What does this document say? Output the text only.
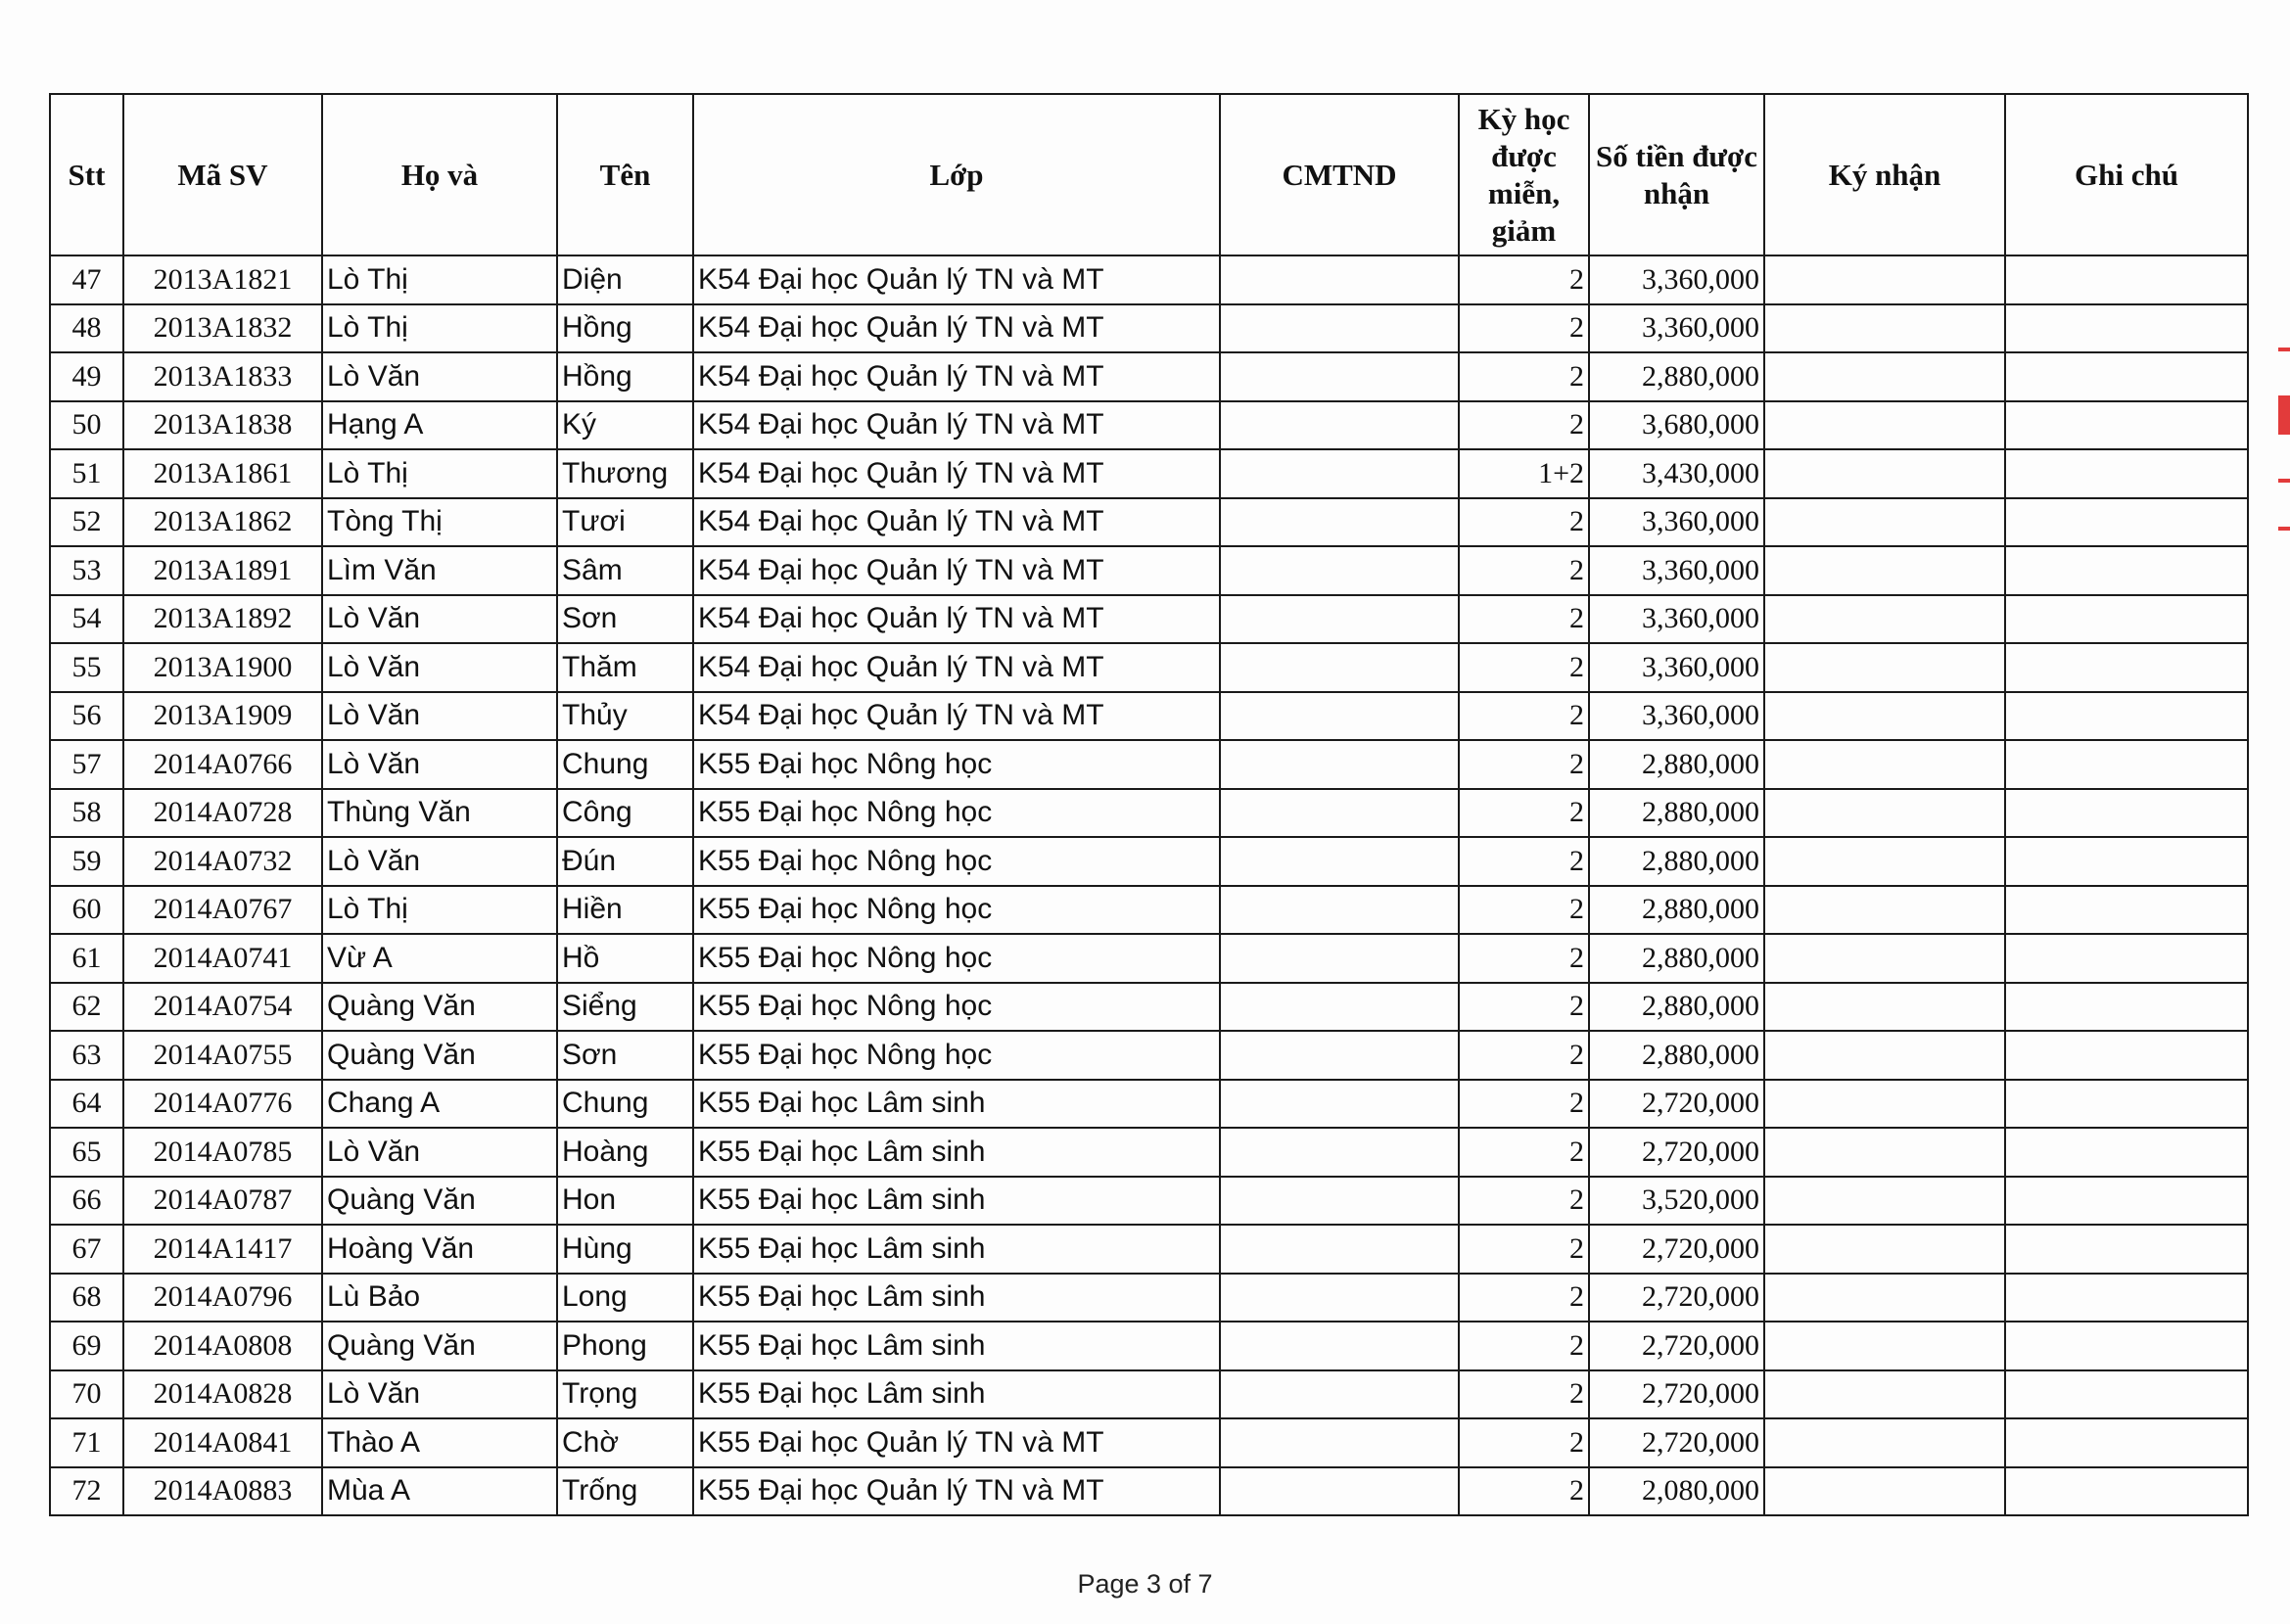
Stt	Mã SV	Họ và	Tên	Lớp	CMTND	Kỳ học được miễn, giảm	Số tiền được nhận	Ký nhận	Ghi chú
47	2013A1821	Lò Thị	Diện	K54 Đại học Quản lý TN và MT		2	3,360,000		
48	2013A1832	Lò Thị	Hồng	K54 Đại học Quản lý TN và MT		2	3,360,000		
49	2013A1833	Lò Văn	Hồng	K54 Đại học Quản lý TN và MT		2	2,880,000		
50	2013A1838	Hạng A	Ký	K54 Đại học Quản lý TN và MT		2	3,680,000		
51	2013A1861	Lò Thị	Thương	K54 Đại học Quản lý TN và MT		1+2	3,430,000		
52	2013A1862	Tòng Thị	Tươi	K54 Đại học Quản lý TN và MT		2	3,360,000		
53	2013A1891	Lìm Văn	Sâm	K54 Đại học Quản lý TN và MT		2	3,360,000		
54	2013A1892	Lò Văn	Sơn	K54 Đại học Quản lý TN và MT		2	3,360,000		
55	2013A1900	Lò Văn	Thăm	K54 Đại học Quản lý TN và MT		2	3,360,000		
56	2013A1909	Lò Văn	Thủy	K54 Đại học Quản lý TN và MT		2	3,360,000		
57	2014A0766	Lò Văn	Chung	K55 Đại học Nông học		2	2,880,000		
58	2014A0728	Thùng Văn	Công	K55 Đại học Nông học		2	2,880,000		
59	2014A0732	Lò Văn	Đún	K55 Đại học Nông học		2	2,880,000		
60	2014A0767	Lò Thị	Hiền	K55 Đại học Nông học		2	2,880,000		
61	2014A0741	Vừ A	Hồ	K55 Đại học Nông học		2	2,880,000		
62	2014A0754	Quàng Văn	Siểng	K55 Đại học Nông học		2	2,880,000		
63	2014A0755	Quàng Văn	Sơn	K55 Đại học Nông học		2	2,880,000		
64	2014A0776	Chang A	Chung	K55 Đại học Lâm sinh		2	2,720,000		
65	2014A0785	Lò Văn	Hoàng	K55 Đại học Lâm sinh		2	2,720,000		
66	2014A0787	Quàng Văn	Hon	K55 Đại học Lâm sinh		2	3,520,000		
67	2014A1417	Hoàng Văn	Hùng	K55 Đại học Lâm sinh		2	2,720,000		
68	2014A0796	Lù Bảo	Long	K55 Đại học Lâm sinh		2	2,720,000		
69	2014A0808	Quàng Văn	Phong	K55 Đại học Lâm sinh		2	2,720,000		
70	2014A0828	Lò Văn	Trọng	K55 Đại học Lâm sinh		2	2,720,000		
71	2014A0841	Thào A	Chờ	K55 Đại học Quản lý TN và MT		2	2,720,000		
72	2014A0883	Mùa A	Trống	K55 Đại học Quản lý TN và MT		2	2,080,000		
Page 3 of 7
